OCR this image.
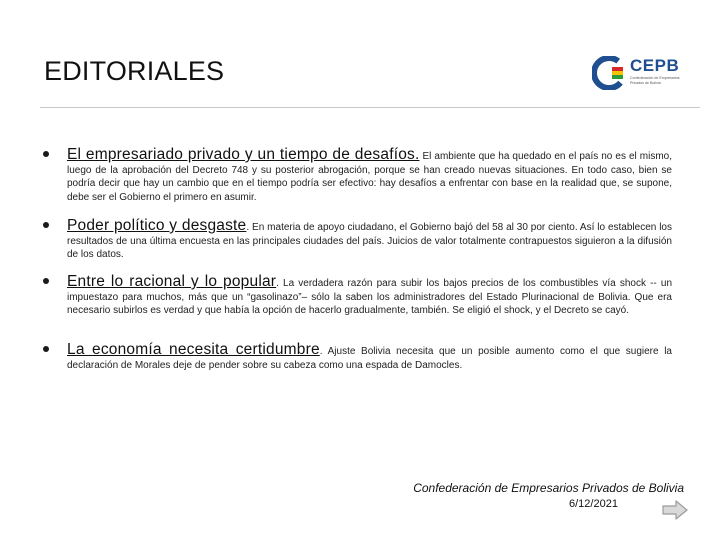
EDITORIALES	CEPB
Confederación de Empresarios Privados de Bolivia
El empresariado privado y un tiempo de desafíos. El ambiente que ha quedado en el país no es el mismo, luego de la aprobación del Decreto 748 y su posterior abrogación, porque se han creado nuevas situaciones. En todo caso, bien se podría decir que hay un cambio que en el tiempo podría ser efectivo: hay desafíos a enfrentar con base en la realidad que, se supone, debe ser el Gobierno el primero en asumir.
Poder político y desgaste. En materia de apoyo ciudadano, el Gobierno bajó del 58 al 30 por ciento. Así lo establecen los resultados de una última encuesta en las principales ciudades del país. Juicios de valor totalmente contrapuestos siguieron a la difusión de los datos.
Entre lo racional y lo popular. La verdadera razón para subir los bajos precios de los combustibles vía shock -- un impuestazo para muchos, más que un “gasolinazo”– sólo la saben los administradores del Estado Plurinacional de Bolivia. Que era necesario subirlos es verdad y que había la opción de hacerlo gradualmente, también. Se eligió el shock, y el Decreto se cayó.
La economía necesita certidumbre. Ajuste Bolivia necesita que un posible aumento como el que sugiere la declaración de Morales deje de pender sobre su cabeza como una espada de Damocles.
Confederación de Empresarios Privados de Bolivia
6/12/2021
